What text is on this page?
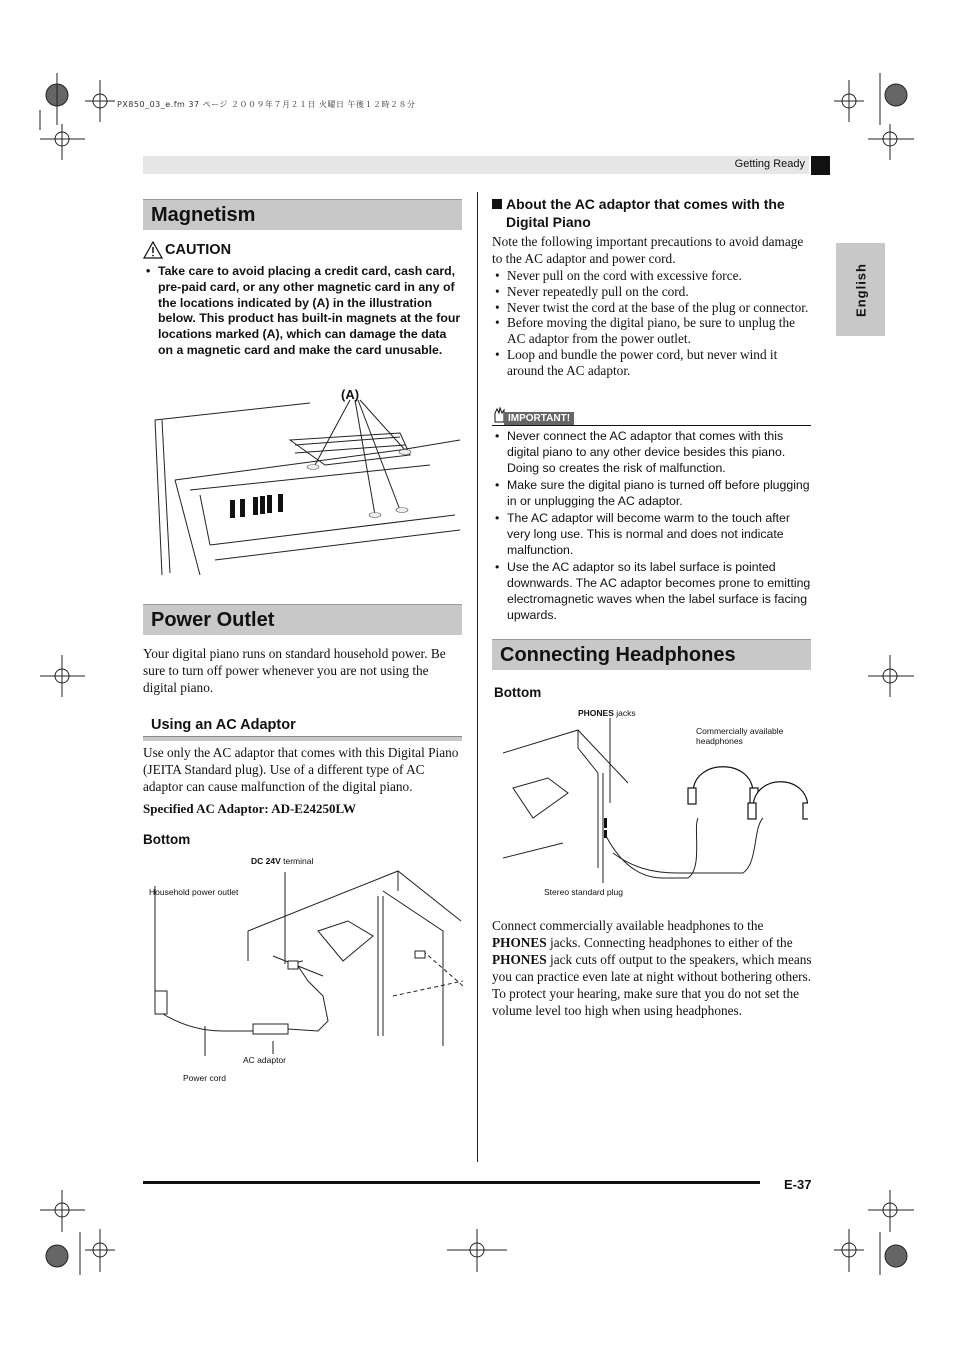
PX850_03_e.fm 37 ページ ２００９年７月２１日 火曜日 午後１２時２８分
Getting Ready
English
Magnetism
CAUTION
• Take care to avoid placing a credit card, cash card, pre-paid card, or any other magnetic card in any of the locations indicated by (A) in the illustration below. This product has built-in magnets at the four locations marked (A), which can damage the data on a magnetic card and make the card unusable.
(A)
Power Outlet
Your digital piano runs on standard household power. Be sure to turn off power whenever you are not using the digital piano.
Using an AC Adaptor
Use only the AC adaptor that comes with this Digital Piano (JEITA Standard plug). Use of a different type of AC adaptor can cause malfunction of the digital piano.
Specified AC Adaptor: AD-E24250LW
Bottom
DC 24V terminal
Household power outlet
AC adaptor
Power cord
About the AC adaptor that comes with the
Digital Piano
Note the following important precautions to avoid damage to the AC adaptor and power cord.
• Never pull on the cord with excessive force.
• Never repeatedly pull on the cord.
• Never twist the cord at the base of the plug or connector.
• Before moving the digital piano, be sure to unplug the AC adaptor from the power outlet.
• Loop and bundle the power cord, but never wind it around the AC adaptor.
IMPORTANT!
• Never connect the AC adaptor that comes with this digital piano to any other device besides this piano. Doing so creates the risk of malfunction.
• Make sure the digital piano is turned off before plugging in or unplugging the AC adaptor.
• The AC adaptor will become warm to the touch after very long use. This is normal and does not indicate malfunction.
• Use the AC adaptor so its label surface is pointed downwards. The AC adaptor becomes prone to emitting electromagnetic waves when the label surface is facing upwards.
Connecting Headphones
Bottom
PHONES jacks
Commercially available
headphones
Stereo standard plug
Connect commercially available headphones to the PHONES jacks. Connecting headphones to either of the PHONES jack cuts off output to the speakers, which means you can practice even late at night without bothering others. To protect your hearing, make sure that you do not set the volume level too high when using headphones.
E-37
